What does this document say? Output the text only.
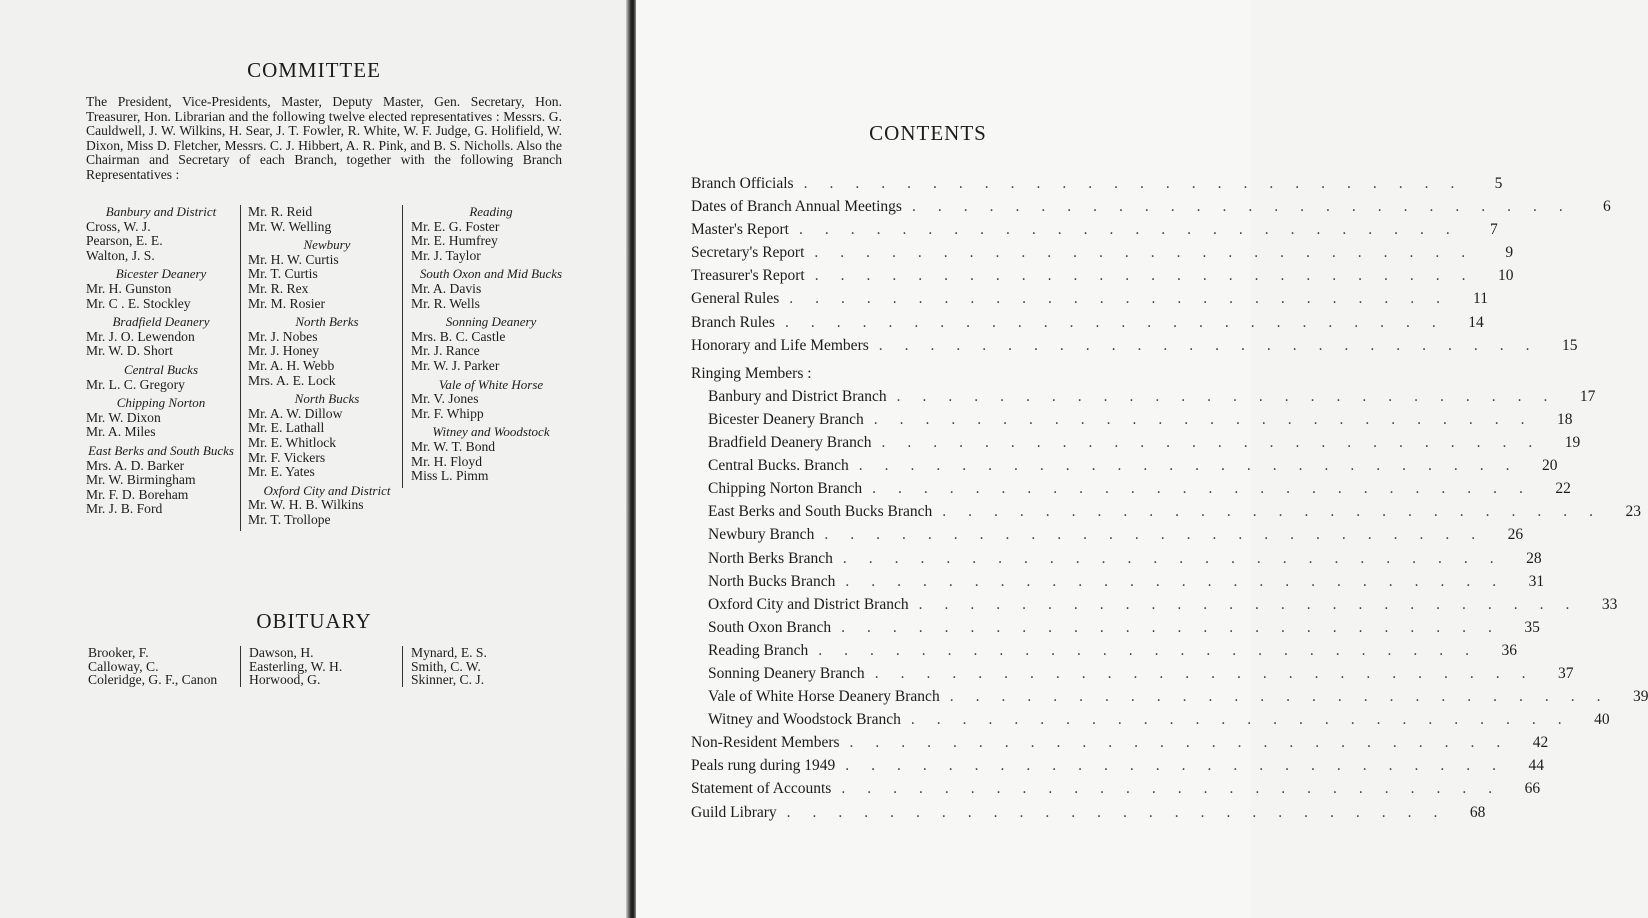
COMMITTEE

The President, Vice-Presidents, Master, Deputy Master, Gen. Secretary, Hon. Treasurer, Hon. Librarian and the following twelve elected representatives : Messrs. G. Cauldwell, J. W. Wilkins, H. Sear, J. T. Fowler, R. White, W. F. Judge, G. Holifield, W. Dixon, Miss D. Fletcher, Messrs. C. J. Hibbert, A. R. Pink, and B. S. Nicholls. Also the Chairman and Secretary of each Branch, together with the following Branch Representatives :

Banbury and District
Cross, W. J.
Pearson, E. E.
Walton, J. S.
Bicester Deanery
Mr. H. Gunston
Mr. C . E. Stockley
Bradfield Deanery
Mr. J. O. Lewendon
Mr. W. D. Short
Central Bucks
Mr. L. C. Gregory
Chipping Norton
Mr. W. Dixon
Mr. A. Miles
East Berks and South Bucks
Mrs. A. D. Barker
Mr. W. Birmingham
Mr. F. D. Boreham
Mr. J. B. Ford
Mr. R. Reid
Mr. W. Welling
Newbury
Mr. H. W. Curtis
Mr. T. Curtis
Mr. R. Rex
Mr. M. Rosier
North Berks
Mr. J. Nobes
Mr. J. Honey
Mr. A. H. Webb
Mrs. A. E. Lock
North Bucks
Mr. A. W. Dillow
Mr. E. Lathall
Mr. E. Whitlock
Mr. F. Vickers
Mr. E. Yates
Oxford City and District
Mr. W. H. B. Wilkins
Mr. T. Trollope
Reading
Mr. E. G. Foster
Mr. E. Humfrey
Mr. J. Taylor
South Oxon and Mid Bucks
Mr. A. Davis
Mr. R. Wells
Sonning Deanery
Mrs. B. C. Castle
Mr. J. Rance
Mr. W. J. Parker
Vale of White Horse
Mr. V. Jones
Mr. F. Whipp
Witney and Woodstock
Mr. W. T. Bond
Mr. H. Floyd
Miss L. Pimm
OBITUARY
Brooker, F.
Calloway, C.
Coleridge, G. F., Canon
Dawson, H.
Easterling, W. H.
Horwood, G.
Mynard, E. S.
Smith, C. W.
Skinner, C. J.
CONTENTS
Branch Officials ..........................	5
Dates of Branch Annual Meetings ..........................	6
Master's Report ..........................	7
Secretary's Report ..........................	9
Treasurer's Report .......................... 10
General Rules .......................... 11
Branch Rules .......................... 14
Honorary and Life Members .......................... 15
Ringing Members :
Banbury and District Branch .......................... 17
Bicester Deanery Branch .......................... 18
Bradfield Deanery Branch .......................... 19
Central Bucks. Branch .......................... 20
Chipping Norton Branch .......................... 22
East Berks and South Bucks Branch .......................... 23
Newbury Branch .......................... 26
North Berks Branch .......................... 28
North Bucks Branch .......................... 31
Oxford City and District Branch .......................... 33
South Oxon Branch .......................... 35
Reading Branch .......................... 36
Sonning Deanery Branch .......................... 37
Vale of White Horse Deanery Branch .......................... 39
Witney and Woodstock Branch .......................... 40
Non-Resident Members .......................... 42
Peals rung during 1949 .......................... 44
Statement of Accounts .......................... 66
Guild Library .......................... 68
